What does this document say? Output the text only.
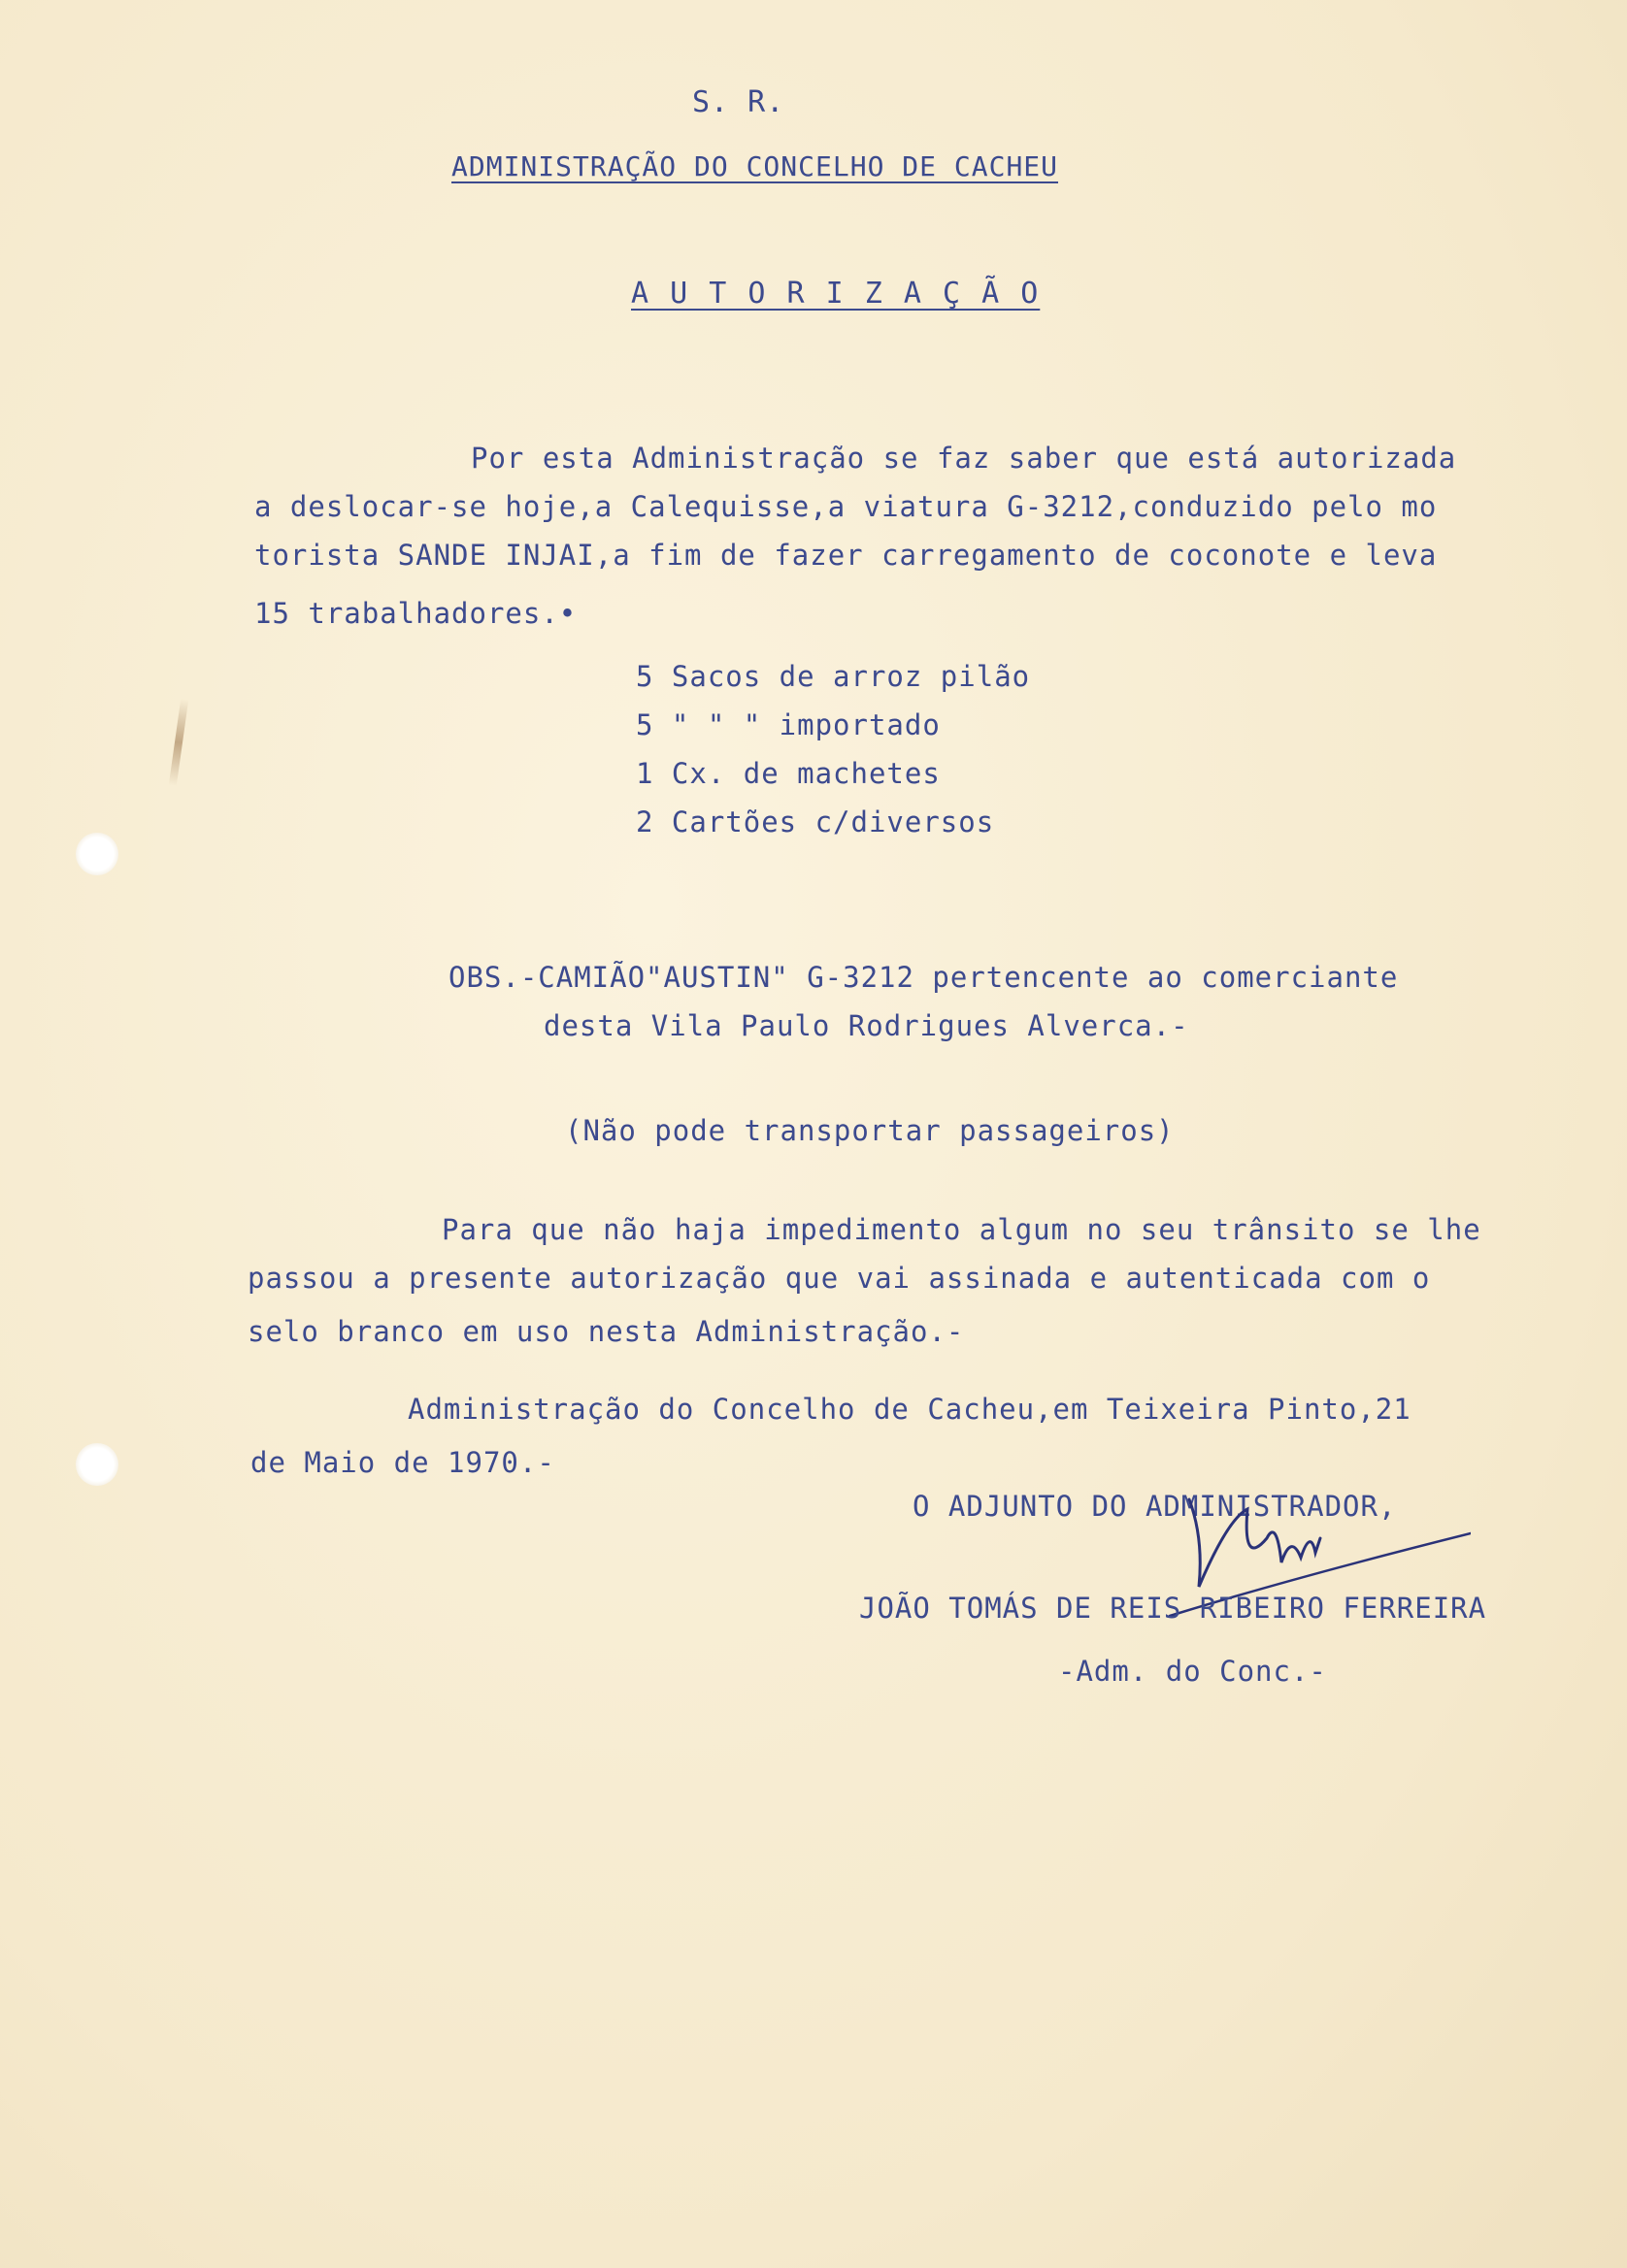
S. R.
ADMINISTRAÇÃO DO CONCELHO DE CACHEU
A U T O R I Z A Ç Ã O
Por esta Administração se faz saber que está autorizada
a deslocar-se hoje,a Calequisse,a viatura G-3212,conduzido pelo mo
torista SANDE INJAI,a fim de fazer carregamento de coconote e leva
15 trabalhadores.•
5 Sacos de arroz pilão
5 " " " importado
1 Cx. de machetes
2 Cartões c/diversos
OBS.-CAMIÃO"AUSTIN" G-3212 pertencente ao comerciante
desta Vila Paulo Rodrigues Alverca.-
(Não pode transportar passageiros)
Para que não haja impedimento algum no seu trânsito se lhe
passou a presente autorização que vai assinada e autenticada com o
selo branco em uso nesta Administração.-
Administração do Concelho de Cacheu,em Teixeira Pinto,21
de Maio de 1970.-
O ADJUNTO DO ADMINISTRADOR,
JOÃO TOMÁS DE REIS RIBEIRO FERREIRA
-Adm. do Conc.-
